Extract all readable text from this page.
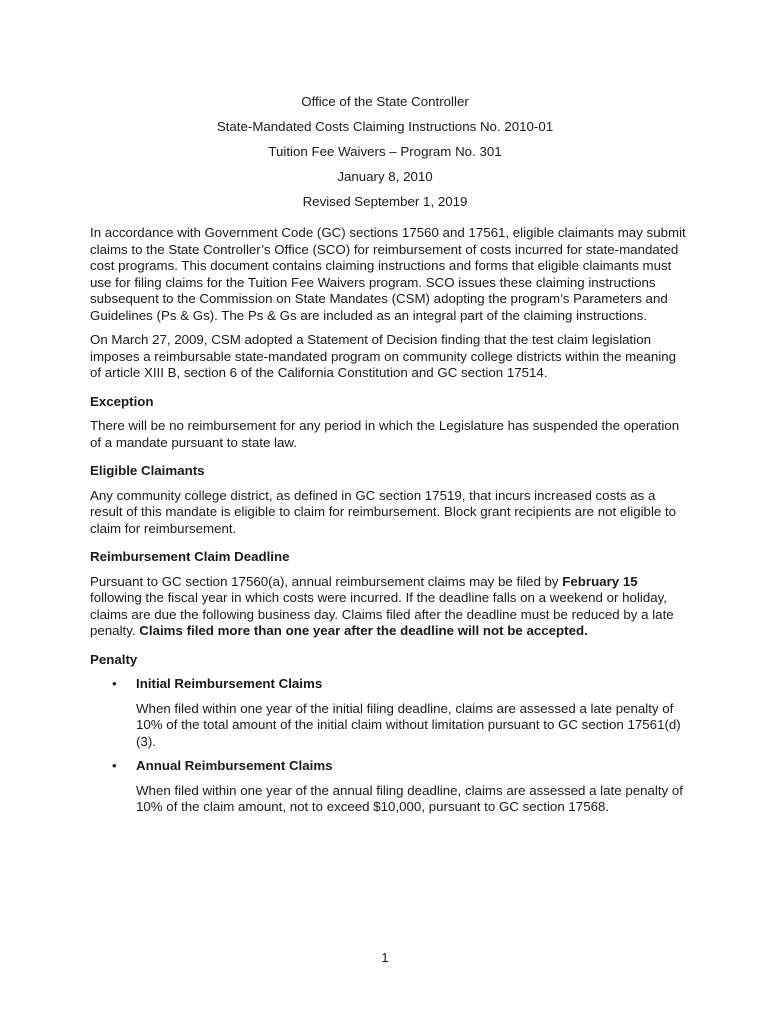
Office of the State Controller
State-Mandated Costs Claiming Instructions No. 2010-01
Tuition Fee Waivers – Program No. 301
January 8, 2010
Revised September 1, 2019

In accordance with Government Code (GC) sections 17560 and 17561, eligible claimants may submit claims to the State Controller’s Office (SCO) for reimbursement of costs incurred for state-mandated cost programs. This document contains claiming instructions and forms that eligible claimants must use for filing claims for the Tuition Fee Waivers program. SCO issues these claiming instructions subsequent to the Commission on State Mandates (CSM) adopting the program’s Parameters and Guidelines (Ps & Gs). The Ps & Gs are included as an integral part of the claiming instructions.

On March 27, 2009, CSM adopted a Statement of Decision finding that the test claim legislation imposes a reimbursable state-mandated program on community college districts within the meaning of article XIII B, section 6 of the California Constitution and GC section 17514.

Exception

There will be no reimbursement for any period in which the Legislature has suspended the operation of a mandate pursuant to state law.

Eligible Claimants

Any community college district, as defined in GC section 17519, that incurs increased costs as a result of this mandate is eligible to claim for reimbursement. Block grant recipients are not eligible to claim for reimbursement.

Reimbursement Claim Deadline

Pursuant to GC section 17560(a), annual reimbursement claims may be filed by February 15 following the fiscal year in which costs were incurred. If the deadline falls on a weekend or holiday, claims are due the following business day. Claims filed after the deadline must be reduced by a late penalty. Claims filed more than one year after the deadline will not be accepted.

Penalty
• Initial Reimbursement Claims

When filed within one year of the initial filing deadline, claims are assessed a late penalty of 10% of the total amount of the initial claim without limitation pursuant to GC section 17561(d)(3).

• Annual Reimbursement Claims

When filed within one year of the annual filing deadline, claims are assessed a late penalty of 10% of the claim amount, not to exceed $10,000, pursuant to GC section 17568.

1
